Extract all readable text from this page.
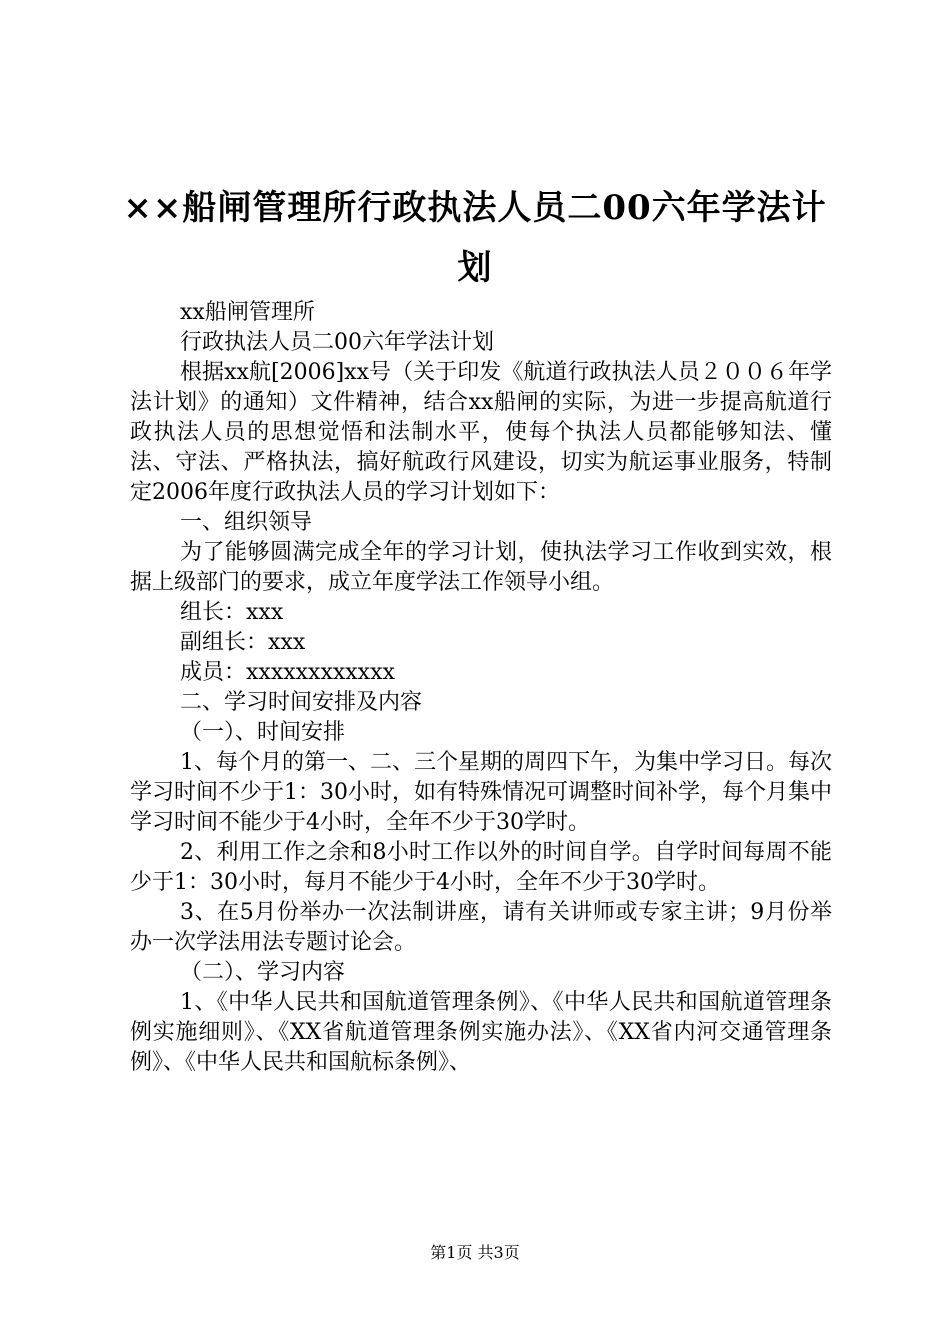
××船闸管理所行政执法人员二00六年学法计划

xx船闸管理所

行政执法人员二00六年学法计划

根据xx航[2006]xx号（关于印发《航道行政执法人员２００６年学法计划》的通知）文件精神，结合xx船闸的实际，为进一步提高航道行政执法人员的思想觉悟和法制水平，使每个执法人员都能够知法、懂法、守法、严格执法，搞好航政行风建设，切实为航运事业服务，特制定2006年度行政执法人员的学习计划如下：

一、组织领导

为了能够圆满完成全年的学习计划，使执法学习工作收到实效，根据上级部门的要求，成立年度学法工作领导小组。

组长：xxx

副组长：xxx

成员：xxxxxxxxxxxx

二、学习时间安排及内容

（一）、时间安排

1、每个月的第一、二、三个星期的周四下午，为集中学习日。每次学习时间不少于1：30小时，如有特殊情况可调整时间补学，每个月集中学习时间不能少于4小时，全年不少于30学时。

2、利用工作之余和8小时工作以外的时间自学。自学时间每周不能少于1：30小时，每月不能少于4小时，全年不少于30学时。

3、在5月份举办一次法制讲座，请有关讲师或专家主讲；9月份举办一次学法用法专题讨论会。

（二）、学习内容

1、《中华人民共和国航道管理条例》、《中华人民共和国航道管理条例实施细则》、《XX省航道管理条例实施办法》、《XX省内河交通管理条例》、《中华人民共和国航标条例》、

第1页 共3页
